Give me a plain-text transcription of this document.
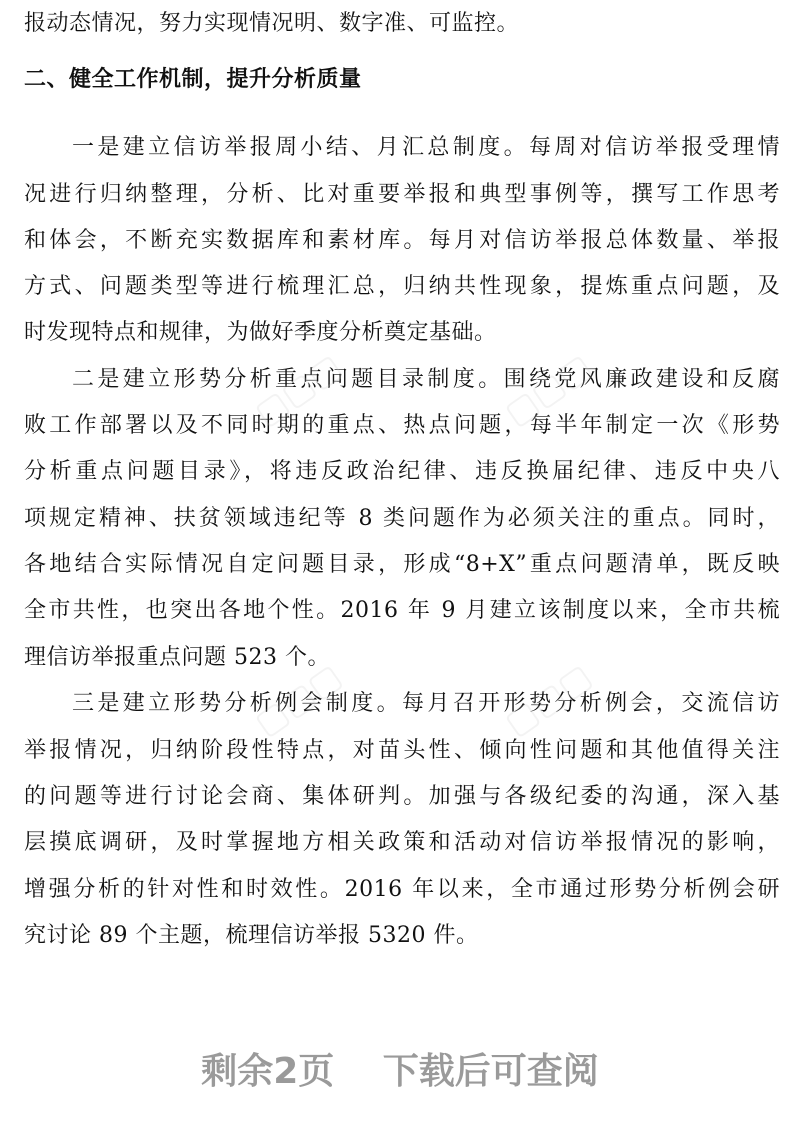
报动态情况，努力实现情况明、数字准、可监控。
二、健全工作机制，提升分析质量
一是建立信访举报周小结、月汇总制度。每周对信访举报受理情
况进行归纳整理，分析、比对重要举报和典型事例等，撰写工作思考
和体会，不断充实数据库和素材库。每月对信访举报总体数量、举报
方式、问题类型等进行梳理汇总，归纳共性现象，提炼重点问题，及
时发现特点和规律，为做好季度分析奠定基础。
二是建立形势分析重点问题目录制度。围绕党风廉政建设和反腐
败工作部署以及不同时期的重点、热点问题，每半年制定一次《形势
分析重点问题目录》，将违反政治纪律、违反换届纪律、违反中央八
项规定精神、扶贫领域违纪等 8 类问题作为必须关注的重点。同时，
各地结合实际情况自定问题目录，形成“8+X”重点问题清单，既反映
全市共性，也突出各地个性。2016 年 9 月建立该制度以来，全市共梳
理信访举报重点问题 523 个。
三是建立形势分析例会制度。每月召开形势分析例会，交流信访
举报情况，归纳阶段性特点，对苗头性、倾向性问题和其他值得关注
的问题等进行讨论会商、集体研判。加强与各级纪委的沟通，深入基
层摸底调研，及时掌握地方相关政策和活动对信访举报情况的影响，
增强分析的针对性和时效性。2016 年以来，全市通过形势分析例会研
究讨论 89 个主题，梳理信访举报 5320 件。
▢▢▢	▢▢▢
▢▢▢	▢▢▢
剩余2页　 下载后可查阅
